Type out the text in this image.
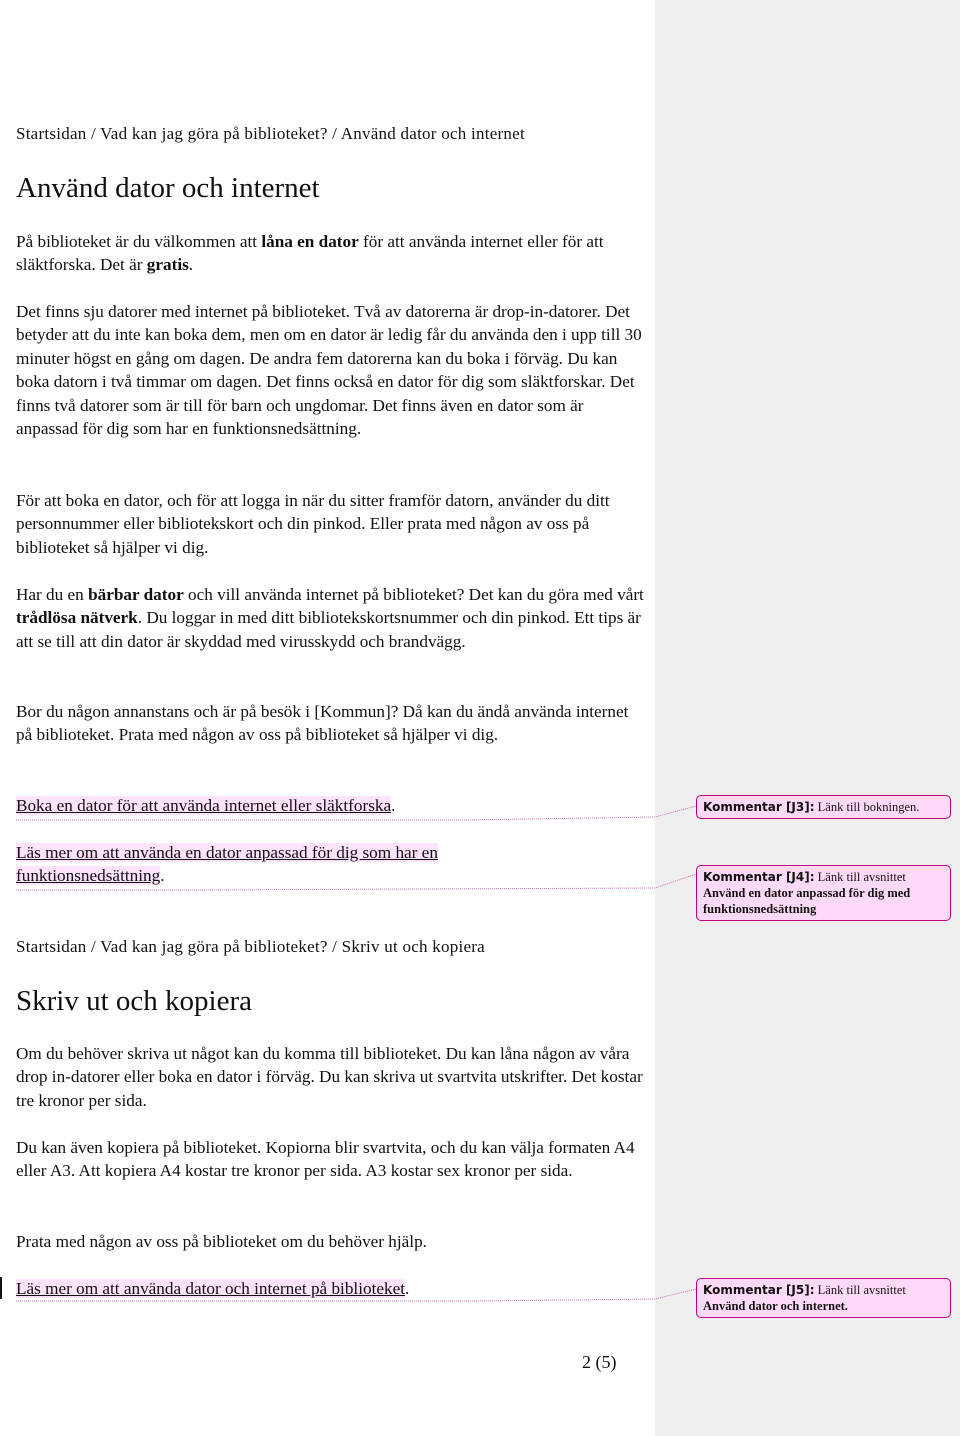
Startsidan / Vad kan jag göra på biblioteket? / Använd dator och internet
Använd dator och internet
På biblioteket är du välkommen att låna en dator för att använda internet eller för att släktforska. Det är gratis.
Det finns sju datorer med internet på biblioteket. Två av datorerna är drop-in-datorer. Det betyder att du inte kan boka dem, men om en dator är ledig får du använda den i upp till 30 minuter högst en gång om dagen. De andra fem datorerna kan du boka i förväg. Du kan boka datorn i två timmar om dagen. Det finns också en dator för dig som släktforskar. Det finns två datorer som är till för barn och ungdomar. Det finns även en dator som är anpassad för dig som har en funktionsnedsättning.
För att boka en dator, och för att logga in när du sitter framför datorn, använder du ditt personnummer eller bibliotekskort och din pinkod. Eller prata med någon av oss på biblioteket så hjälper vi dig.
Har du en bärbar dator och vill använda internet på biblioteket? Det kan du göra med vårt trådlösa nätverk. Du loggar in med ditt bibliotekskortsnummer och din pinkod. Ett tips är att se till att din dator är skyddad med virusskydd och brandvägg.
Bor du någon annanstans och är på besök i [Kommun]? Då kan du ändå använda internet på biblioteket. Prata med någon av oss på biblioteket så hjälper vi dig.
Boka en dator för att använda internet eller släktforska.
Läs mer om att använda en dator anpassad för dig som har en funktionsnedsättning.
Startsidan / Vad kan jag göra på biblioteket? / Skriv ut och kopiera
Skriv ut och kopiera
Om du behöver skriva ut något kan du komma till biblioteket. Du kan låna någon av våra drop in-datorer eller boka en dator i förväg. Du kan skriva ut svartvita utskrifter. Det kostar tre kronor per sida.
Du kan även kopiera på biblioteket. Kopiorna blir svartvita, och du kan välja formaten A4 eller A3. Att kopiera A4 kostar tre kronor per sida. A3 kostar sex kronor per sida.
Prata med någon av oss på biblioteket om du behöver hjälp.
Läs mer om att använda dator och internet på biblioteket.
Kommentar [J3]: Länk till bokningen.
Kommentar [J4]: Länk till avsnittet
Använd en dator anpassad för dig med funktionsnedsättning
Kommentar [J5]: Länk till avsnittet
Använd dator och internet.
2 (5)
